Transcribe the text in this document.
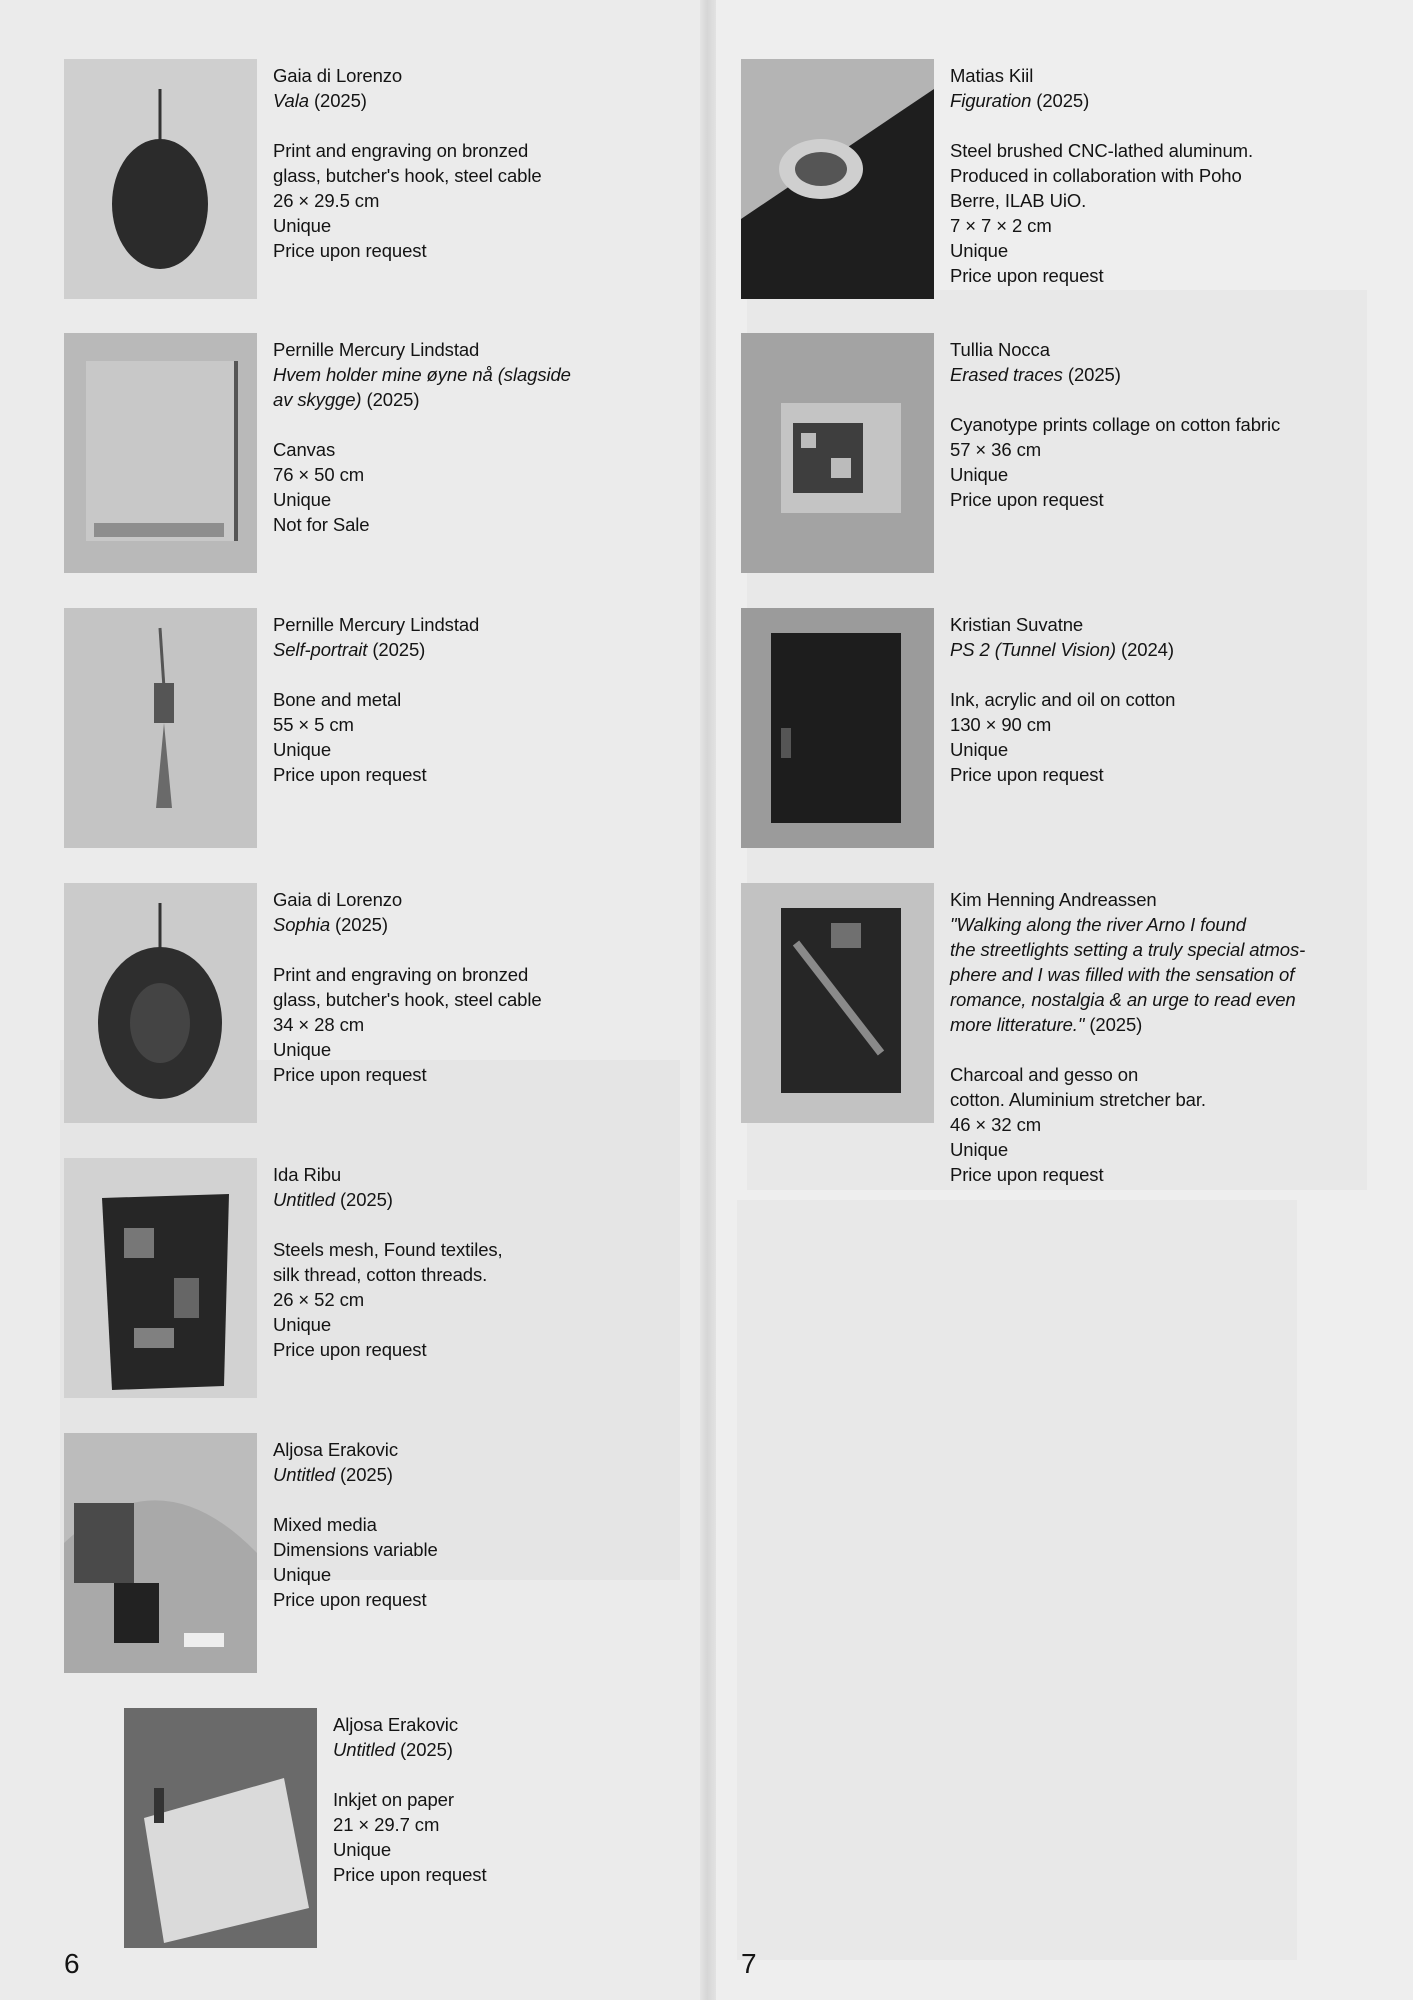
Gaia di Lorenzo
Vala (2025)
Print and engraving on bronzed
glass, butcher's hook, steel cable
26 × 29.5 cm
Unique
Price upon request
Pernille Mercury Lindstad
Hvem holder mine øyne nå (slagside
av skygge) (2025)
Canvas
76 × 50 cm
Unique
Not for Sale
Pernille Mercury Lindstad
Self-portrait (2025)
Bone and metal
55 × 5 cm
Unique
Price upon request
Gaia di Lorenzo
Sophia (2025)
Print and engraving on bronzed
glass, butcher's hook, steel cable
34 × 28 cm
Unique
Price upon request
Ida Ribu
Untitled (2025)
Steels mesh, Found textiles,
silk thread, cotton threads.
26 × 52 cm
Unique
Price upon request
Aljosa Erakovic
Untitled (2025)
Mixed media
Dimensions variable
Unique
Price upon request
Aljosa Erakovic
Untitled (2025)
Inkjet on paper
21 × 29.7 cm
Unique
Price upon request
6
Matias Kiil
Figuration (2025)
Steel brushed CNC-lathed aluminum.
Produced in collaboration with Poho
Berre, ILAB UiO.
7 × 7 × 2 cm
Unique
Price upon request
Tullia Nocca
Erased traces (2025)
Cyanotype prints collage on cotton fabric
57 × 36 cm
Unique
Price upon request
Kristian Suvatne
PS 2 (Tunnel Vision) (2024)
Ink, acrylic and oil on cotton
130 × 90 cm
Unique
Price upon request
Kim Henning Andreassen
"Walking along the river Arno I found
the streetlights setting a truly special atmos-
phere and I was filled with the sensation of
romance, nostalgia & an urge to read even
more litterature." (2025)
Charcoal and gesso on
cotton. Aluminium stretcher bar.
46 × 32 cm
Unique
Price upon request
7
